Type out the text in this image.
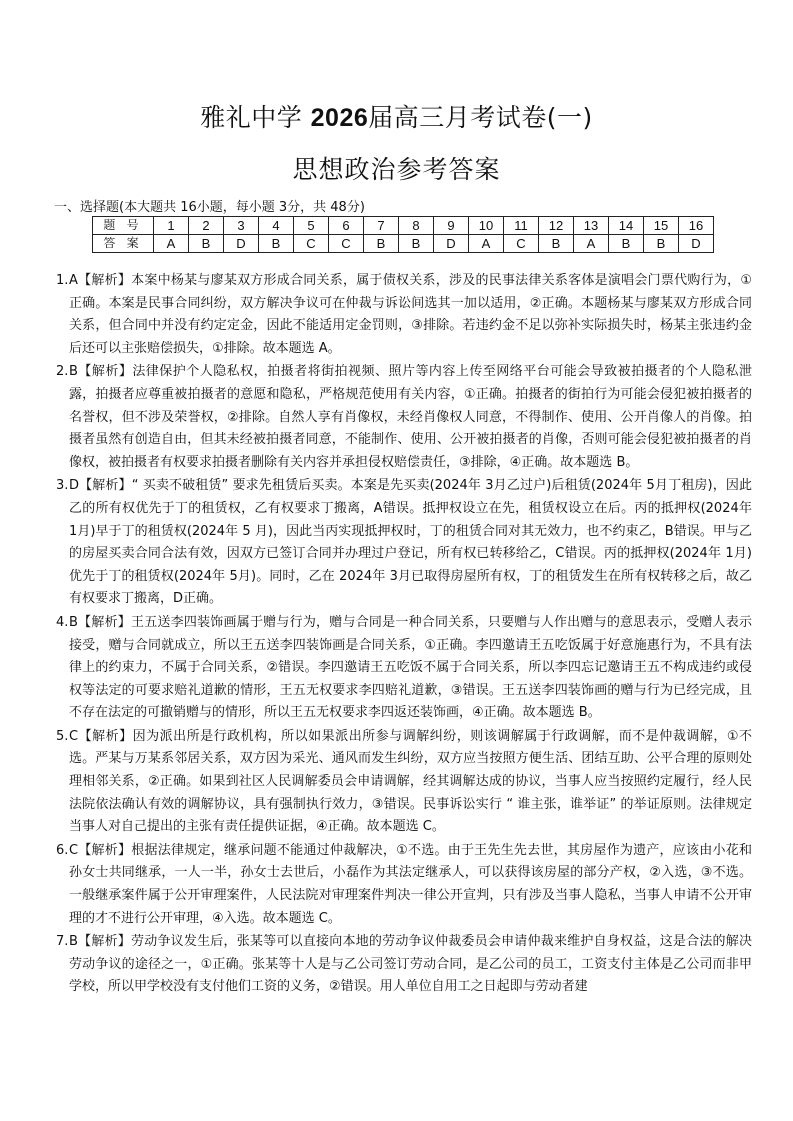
雅礼中学 2026届高三月考试卷(一)
思想政治参考答案
一、选择题(本大题共 16小题，每小题 3分，共 48分)
题 号	1	2	3	4	5	6	7	8	9	10	11	12	13	14	15	16
答 案	A	B	D	B	C	C	B	B	D	A	C	B	A	B	B	D
1. A【解析】本案中杨某与廖某双方形成合同关系，属于债权关系，涉及的民事法律关系客体是演唱会门票代购行为，①正确。本案是民事合同纠纷，双方解决争议可在仲裁与诉讼间选其一加以适用，②正确。本题杨某与廖某双方形成合同关系，但合同中并没有约定定金，因此不能适用定金罚则，③排除。若违约金不足以弥补实际损失时，杨某主张违约金后还可以主张赔偿损失，①排除。故本题选 A。
2. B【解析】法律保护个人隐私权，拍摄者将街拍视频、照片等内容上传至网络平台可能会导致被拍摄者的个人隐私泄露，拍摄者应尊重被拍摄者的意愿和隐私，严格规范使用有关内容，①正确。拍摄者的街拍行为可能会侵犯被拍摄者的名誉权，但不涉及荣誉权，②排除。自然人享有肖像权，未经肖像权人同意，不得制作、使用、公开肖像人的肖像。拍摄者虽然有创造自由，但其未经被拍摄者同意，不能制作、使用、公开被拍摄者的肖像，否则可能会侵犯被拍摄者的肖像权，被拍摄者有权要求拍摄者删除有关内容并承担侵权赔偿责任，③排除，④正确。故本题选 B。
3. D【解析】“ 买卖不破租赁” 要求先租赁后买卖。本案是先买卖(2024年 3月乙过户)后租赁(2024年 5月丁租房)，因此乙的所有权优先于丁的租赁权，乙有权要求丁搬离，A错误。抵押权设立在先，租赁权设立在后。丙的抵押权(2024年 1月)早于丁的租赁权(2024年 5 月)，因此当丙实现抵押权时，丁的租赁合同对其无效力，也不约束乙，B错误。甲与乙的房屋买卖合同合法有效，因双方已签订合同并办理过户登记，所有权已转移给乙，C错误。丙的抵押权(2024年 1月)优先于丁的租赁权(2024年 5月)。同时，乙在 2024年 3月已取得房屋所有权，丁的租赁发生在所有权转移之后，故乙有权要求丁搬离，D正确。
4. B【解析】王五送李四装饰画属于赠与行为，赠与合同是一种合同关系，只要赠与人作出赠与的意思表示，受赠人表示接受，赠与合同就成立，所以王五送李四装饰画是合同关系，①正确。李四邀请王五吃饭属于好意施惠行为，不具有法律上的约束力，不属于合同关系，②错误。李四邀请王五吃饭不属于合同关系，所以李四忘记邀请王五不构成违约或侵权等法定的可要求赔礼道歉的情形，王五无权要求李四赔礼道歉，③错误。王五送李四装饰画的赠与行为已经完成，且不存在法定的可撤销赠与的情形，所以王五无权要求李四返还装饰画，④正确。故本题选 B。
5. C【解析】因为派出所是行政机构，所以如果派出所参与调解纠纷，则该调解属于行政调解，而不是仲裁调解，①不选。严某与万某系邻居关系，双方因为采光、通风而发生纠纷，双方应当按照方便生活、团结互助、公平合理的原则处理相邻关系，②正确。如果到社区人民调解委员会申请调解，经其调解达成的协议，当事人应当按照约定履行，经人民法院依法确认有效的调解协议，具有强制执行效力，③错误。民事诉讼实行 “ 谁主张，谁举证” 的举证原则。法律规定当事人对自己提出的主张有责任提供证据，④正确。故本题选 C。
6. C【解析】根据法律规定，继承问题不能通过仲裁解决，①不选。由于王先生先去世，其房屋作为遗产，应该由小花和孙女士共同继承，一人一半，孙女士去世后，小磊作为其法定继承人，可以获得该房屋的部分产权，②入选，③不选。一般继承案件属于公开审理案件，人民法院对审理案件判决一律公开宣判，只有涉及当事人隐私，当事人申请不公开审理的才不进行公开审理，④入选。故本题选 C。
7. B【解析】劳动争议发生后，张某等可以直接向本地的劳动争议仲裁委员会申请仲裁来维护自身权益，这是合法的解决劳动争议的途径之一，①正确。张某等十人是与乙公司签订劳动合同，是乙公司的员工，工资支付主体是乙公司而非甲学校，所以甲学校没有支付他们工资的义务，②错误。用人单位自用工之日起即与劳动者建
